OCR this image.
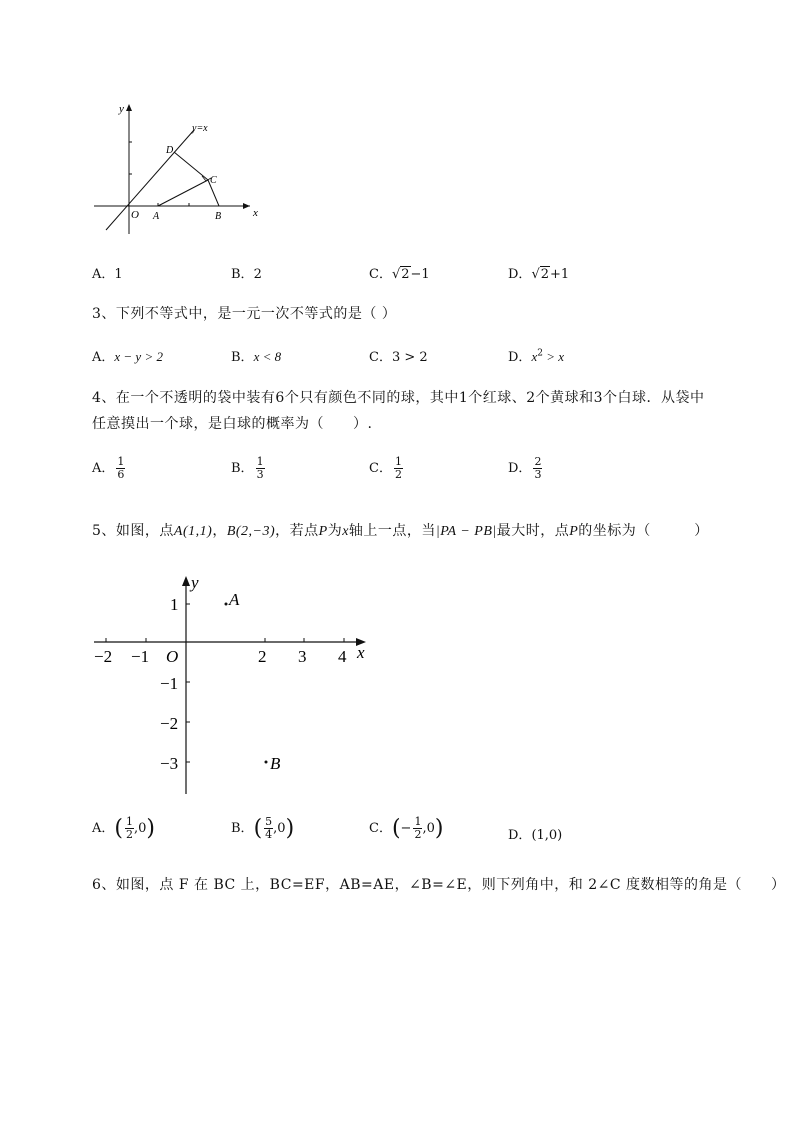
x
y
y=x
O A	B
C
D
A．1	B．2	C．√2−1	D．√2+1
3、下列不等式中，是一元一次不等式的是（ ）
A．x − y > 2	B．x < 8	C．3 > 2	D．$x^2 > x$
4、在一个不透明的袋中装有6个只有颜色不同的球，其中1个红球、2个黄球和3个白球．从袋中
任意摸出一个球，是白球的概率为（　　）.
A． $\frac{1}{6}$	B． $\frac{1}{3}$	C． $\frac{1}{2}$	D． $\frac{2}{3}$
5、如图，点A(1,1)，B(2,−3)，若点P为x轴上一点，当|PA − PB|最大时，点P的坐标为（　　　）
−2 −1	2 3 4
O	x
y
1
−1
−2
−3
A
B
A．( $\frac{1}{2} ,0$)	B．( $\frac{5}{4} ,0$)	C．(− $\frac{1}{2} ,0$)	D．(1,0)
6、如图，点 F 在 BC 上，BC=EF，AB=AE，∠B=∠E，则下列角中，和 2∠C 度数相等的角是（　　）
